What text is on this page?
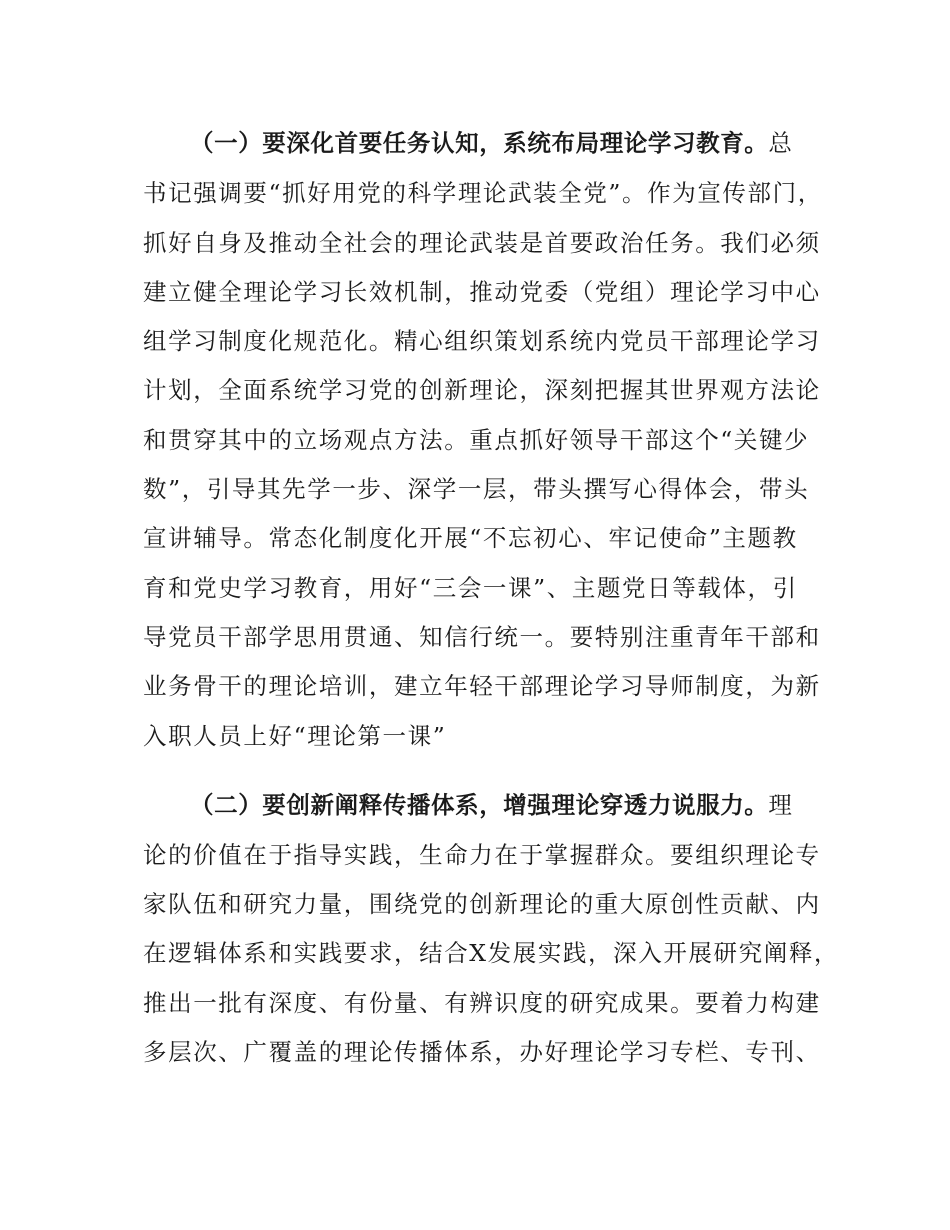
（一）要深化首要任务认知，系统布局理论学习教育。总
书记强调要“抓好用党的科学理论武装全党”。作为宣传部门，
抓好自身及推动全社会的理论武装是首要政治任务。我们必须
建立健全理论学习长效机制，推动党委（党组）理论学习中心
组学习制度化规范化。精心组织策划系统内党员干部理论学习
计划，全面系统学习党的创新理论，深刻把握其世界观方法论
和贯穿其中的立场观点方法。重点抓好领导干部这个“关键少
数”，引导其先学一步、深学一层，带头撰写心得体会，带头
宣讲辅导。常态化制度化开展“不忘初心、牢记使命”主题教
育和党史学习教育，用好“三会一课”、主题党日等载体，引
导党员干部学思用贯通、知信行统一。要特别注重青年干部和
业务骨干的理论培训，建立年轻干部理论学习导师制度，为新
入职人员上好“理论第一课”
（二）要创新阐释传播体系，增强理论穿透力说服力。理
论的价值在于指导实践，生命力在于掌握群众。要组织理论专
家队伍和研究力量，围绕党的创新理论的重大原创性贡献、内
在逻辑体系和实践要求，结合X发展实践，深入开展研究阐释，
推出一批有深度、有份量、有辨识度的研究成果。要着力构建
多层次、广覆盖的理论传播体系，办好理论学习专栏、专刊、
